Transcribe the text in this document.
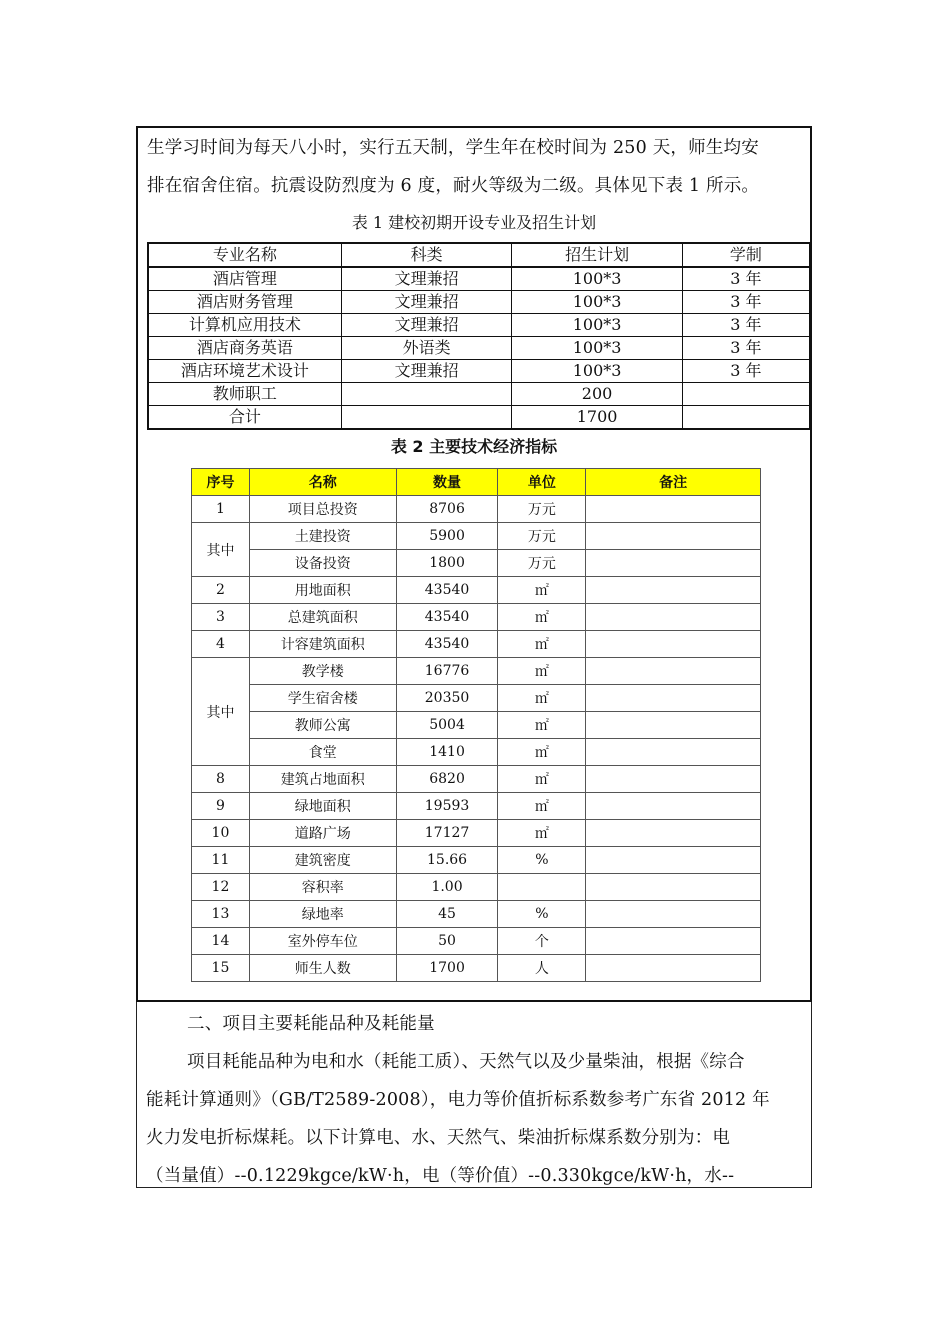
生学习时间为每天八小时，实行五天制，学生年在校时间为 250 天，师生均安
排在宿舍住宿。抗震设防烈度为 6 度，耐火等级为二级。具体见下表 1 所示。
表 1 建校初期开设专业及招生计划
专业名称	科类	招生计划	学制
酒店管理	文理兼招	100*3	3 年
酒店财务管理	文理兼招	100*3	3 年
计算机应用技术	文理兼招	100*3	3 年
酒店商务英语	外语类	100*3	3 年
酒店环境艺术设计	文理兼招	100*3	3 年
教师职工		200	
合计		1700	
表 2 主要技术经济指标
序号	名称	数量	单位	备注
1	项目总投资	8706	万元	
其中	土建投资	5900	万元	
	设备投资	1800	万元	
2	用地面积	43540	㎡	
3	总建筑面积	43540	㎡	
4	计容建筑面积	43540	㎡	
其中	教学楼	16776	㎡	
	学生宿舍楼	20350	㎡	
	教师公寓	5004	㎡	
	食堂	1410	㎡	
8	建筑占地面积	6820	㎡	
9	绿地面积	19593	㎡	
10	道路广场	17127	㎡	
11	建筑密度	15.66	%	
12	容积率	1.00		
13	绿地率	45	%	
14	室外停车位	50	个	
15	师生人数	1700	人	
二、项目主要耗能品种及耗能量
项目耗能品种为电和水（耗能工质）、天然气以及少量柴油，根据《综合
能耗计算通则》（GB/T2589-2008），电力等价值折标系数参考广东省 2012 年
火力发电折标煤耗。以下计算电、水、天然气、柴油折标煤系数分别为：电
（当量值）--0.1229kgce/kW·h，电（等价值）--0.330kgce/kW·h，水--
